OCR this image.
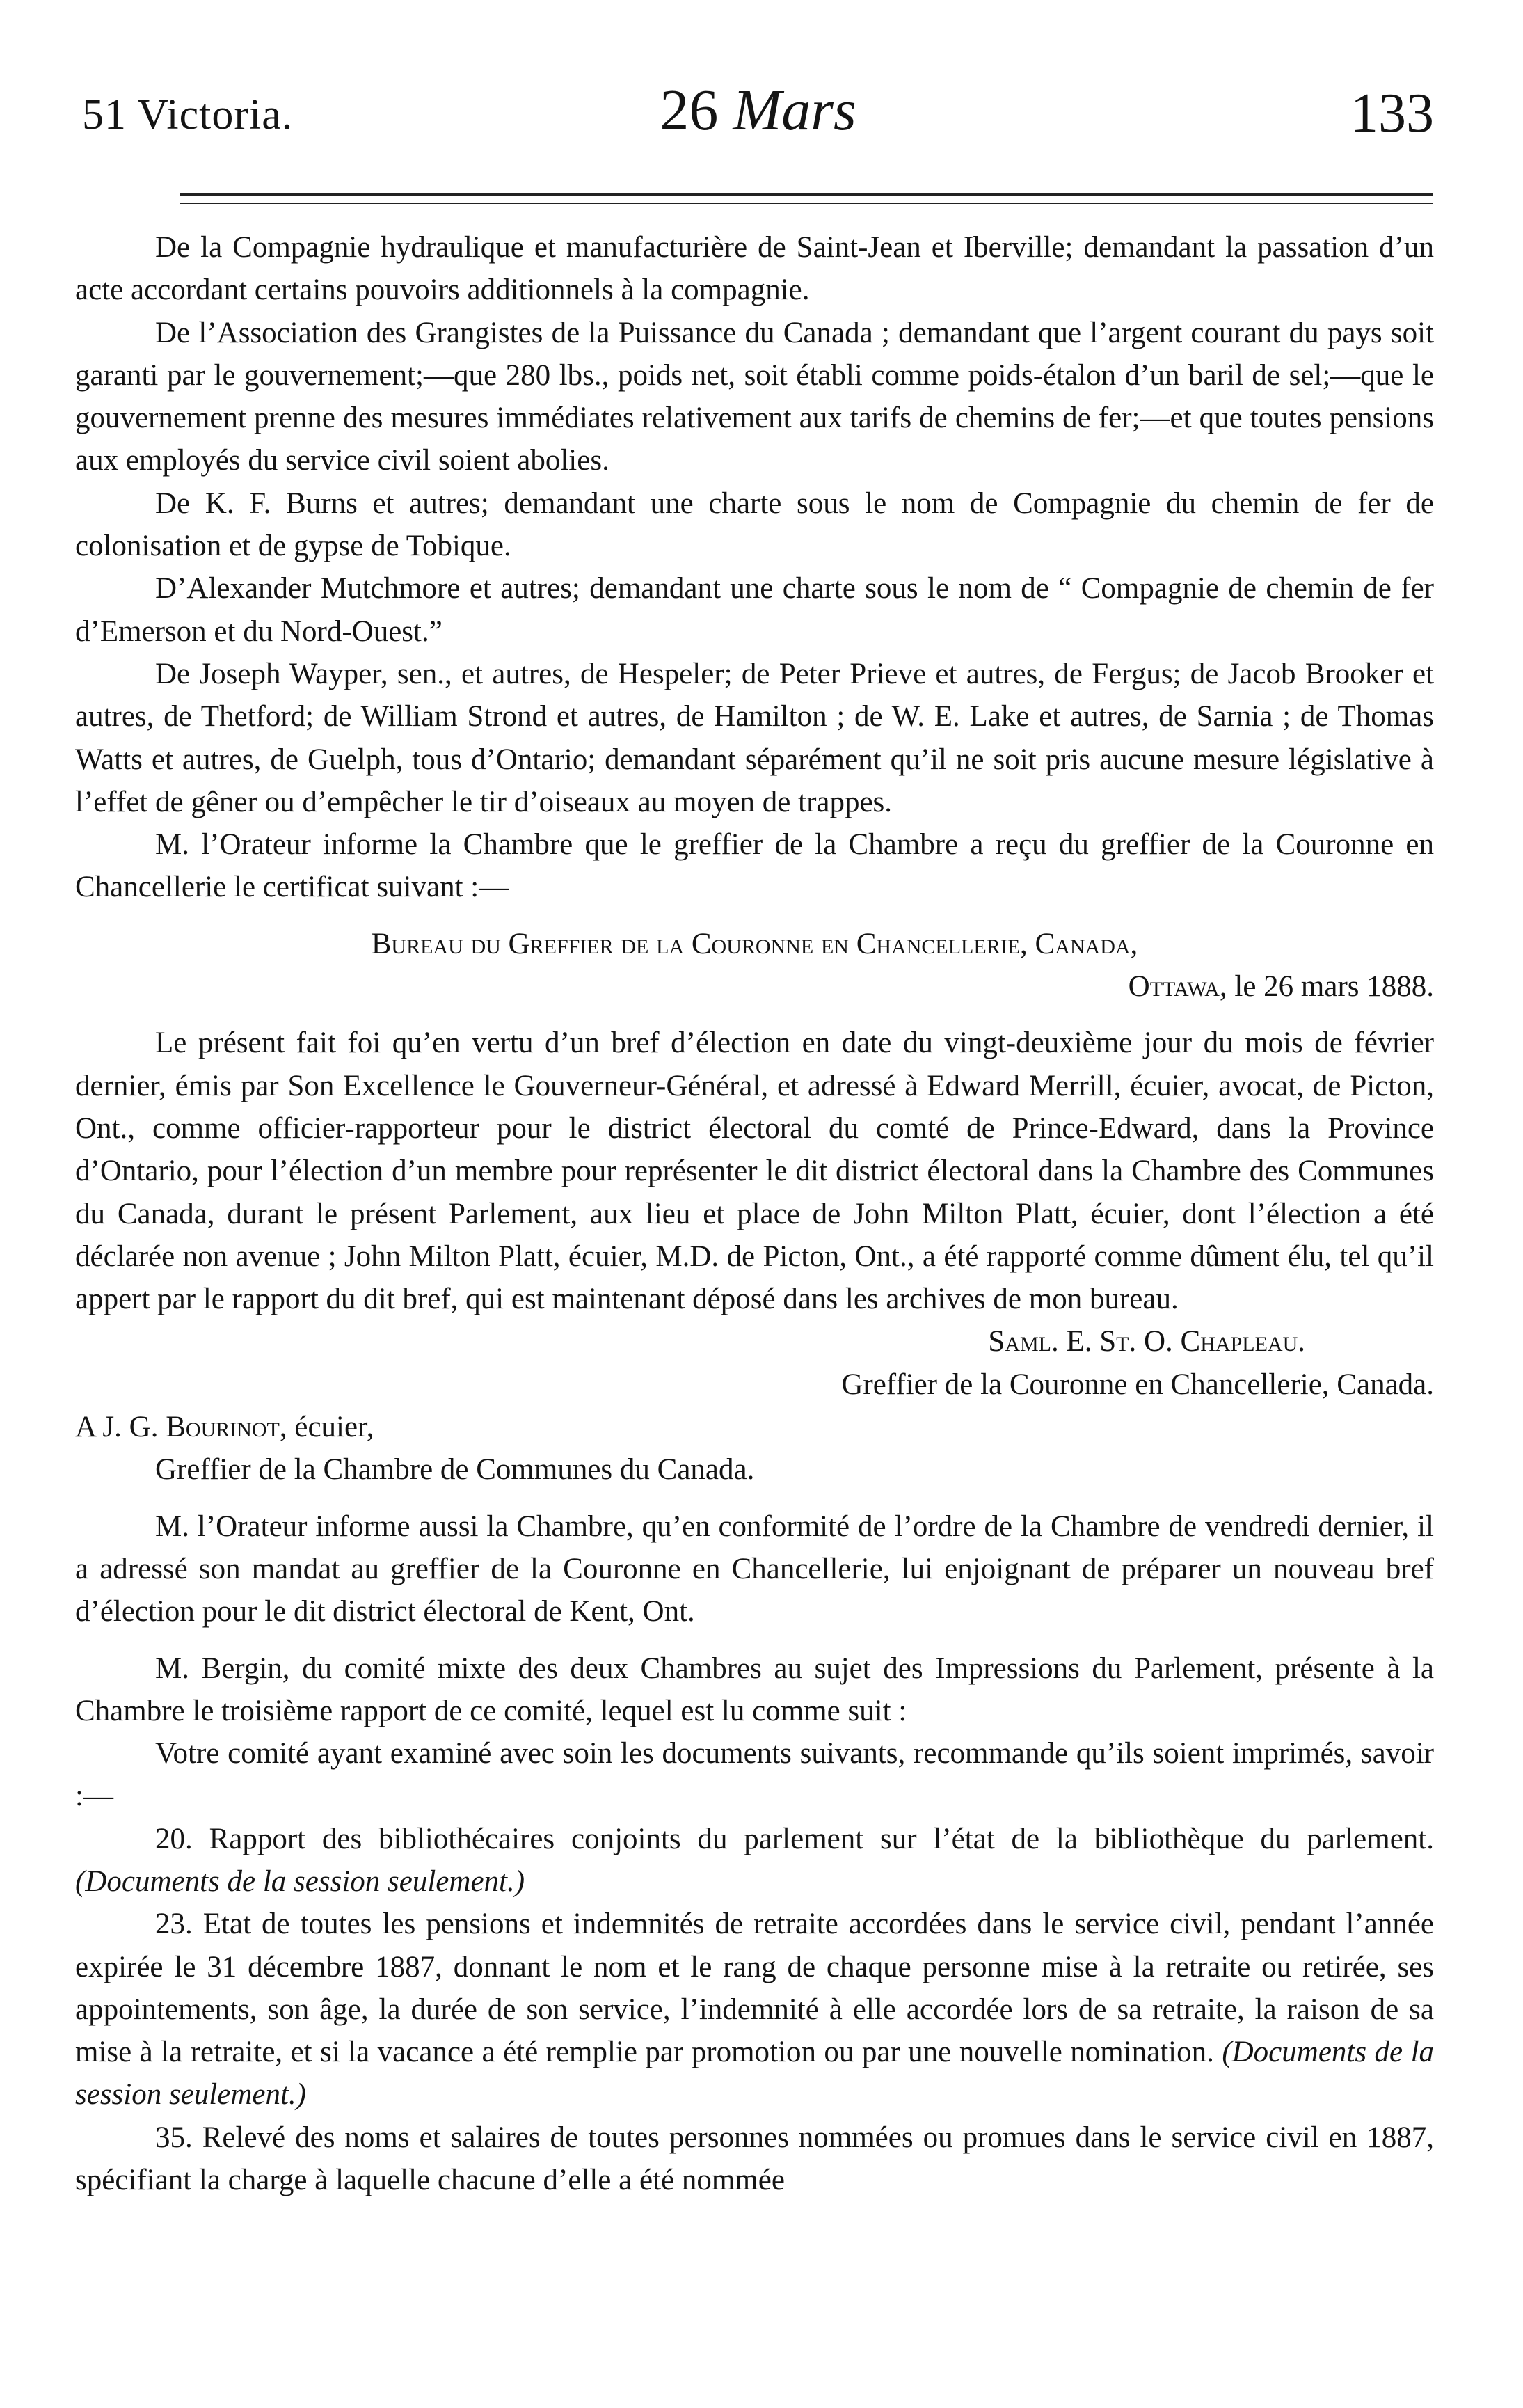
51 Victoria.	26 Mars	133

De la Compagnie hydraulique et manufacturière de Saint-Jean et Iberville; demandant la passation d’un acte accordant certains pouvoirs additionnels à la compagnie.

De l’Association des Grangistes de la Puissance du Canada ; demandant que l’argent courant du pays soit garanti par le gouvernement;—que 280 lbs., poids net, soit établi comme poids-étalon d’un baril de sel;—que le gouvernement prenne des mesures immédiates relativement aux tarifs de chemins de fer;—et que toutes pensions aux employés du service civil soient abolies.

De K. F. Burns et autres; demandant une charte sous le nom de Compagnie du chemin de fer de colonisation et de gypse de Tobique.

D’Alexander Mutchmore et autres; demandant une charte sous le nom de “ Compagnie de chemin de fer d’Emerson et du Nord-Ouest.”

De Joseph Wayper, sen., et autres, de Hespeler; de Peter Prieve et autres, de Fergus; de Jacob Brooker et autres, de Thetford; de William Strond et autres, de Hamilton ; de W. E. Lake et autres, de Sarnia ; de Thomas Watts et autres, de Guelph, tous d’Ontario; demandant séparément qu’il ne soit pris aucune mesure législative à l’effet de gêner ou d’empêcher le tir d’oiseaux au moyen de trappes.

M. l’Orateur informe la Chambre que le greffier de la Chambre a reçu du greffier de la Couronne en Chancellerie le certificat suivant :—

Bureau du Greffier de la Couronne en Chancellerie, Canada,

Ottawa, le 26 mars 1888.

Le présent fait foi qu’en vertu d’un bref d’élection en date du vingt-deuxième jour du mois de février dernier, émis par Son Excellence le Gouverneur-Général, et adressé à Edward Merrill, écuier, avocat, de Picton, Ont., comme officier-rapporteur pour le district électoral du comté de Prince-Edward, dans la Province d’Ontario, pour l’élection d’un membre pour représenter le dit district électoral dans la Chambre des Communes du Canada, durant le présent Parlement, aux lieu et place de John Milton Platt, écuier, dont l’élection a été déclarée non avenue ; John Milton Platt, écuier, M.D. de Picton, Ont., a été rapporté comme dûment élu, tel qu’il appert par le rapport du dit bref, qui est maintenant déposé dans les archives de mon bureau.

Saml. E. St. O. Chapleau.

Greffier de la Couronne en Chancellerie, Canada.

A J. G. Bourinot, écuier,

Greffier de la Chambre de Communes du Canada.

M. l’Orateur informe aussi la Chambre, qu’en conformité de l’ordre de la Chambre de vendredi dernier, il a adressé son mandat au greffier de la Couronne en Chancellerie, lui enjoignant de préparer un nouveau bref d’élection pour le dit district électoral de Kent, Ont.

M. Bergin, du comité mixte des deux Chambres au sujet des Impressions du Parlement, présente à la Chambre le troisième rapport de ce comité, lequel est lu comme suit :

Votre comité ayant examiné avec soin les documents suivants, recommande qu’ils soient imprimés, savoir :—

20. Rapport des bibliothécaires conjoints du parlement sur l’état de la bibliothèque du parlement. (Documents de la session seulement.)

23. Etat de toutes les pensions et indemnités de retraite accordées dans le service civil, pendant l’année expirée le 31 décembre 1887, donnant le nom et le rang de chaque personne mise à la retraite ou retirée, ses appointements, son âge, la durée de son service, l’indemnité à elle accordée lors de sa retraite, la raison de sa mise à la retraite, et si la vacance a été remplie par promotion ou par une nouvelle nomination. (Documents de la session seulement.)

35. Relevé des noms et salaires de toutes personnes nommées ou promues dans le service civil en 1887, spécifiant la charge à laquelle chacune d’elle a été nommée
